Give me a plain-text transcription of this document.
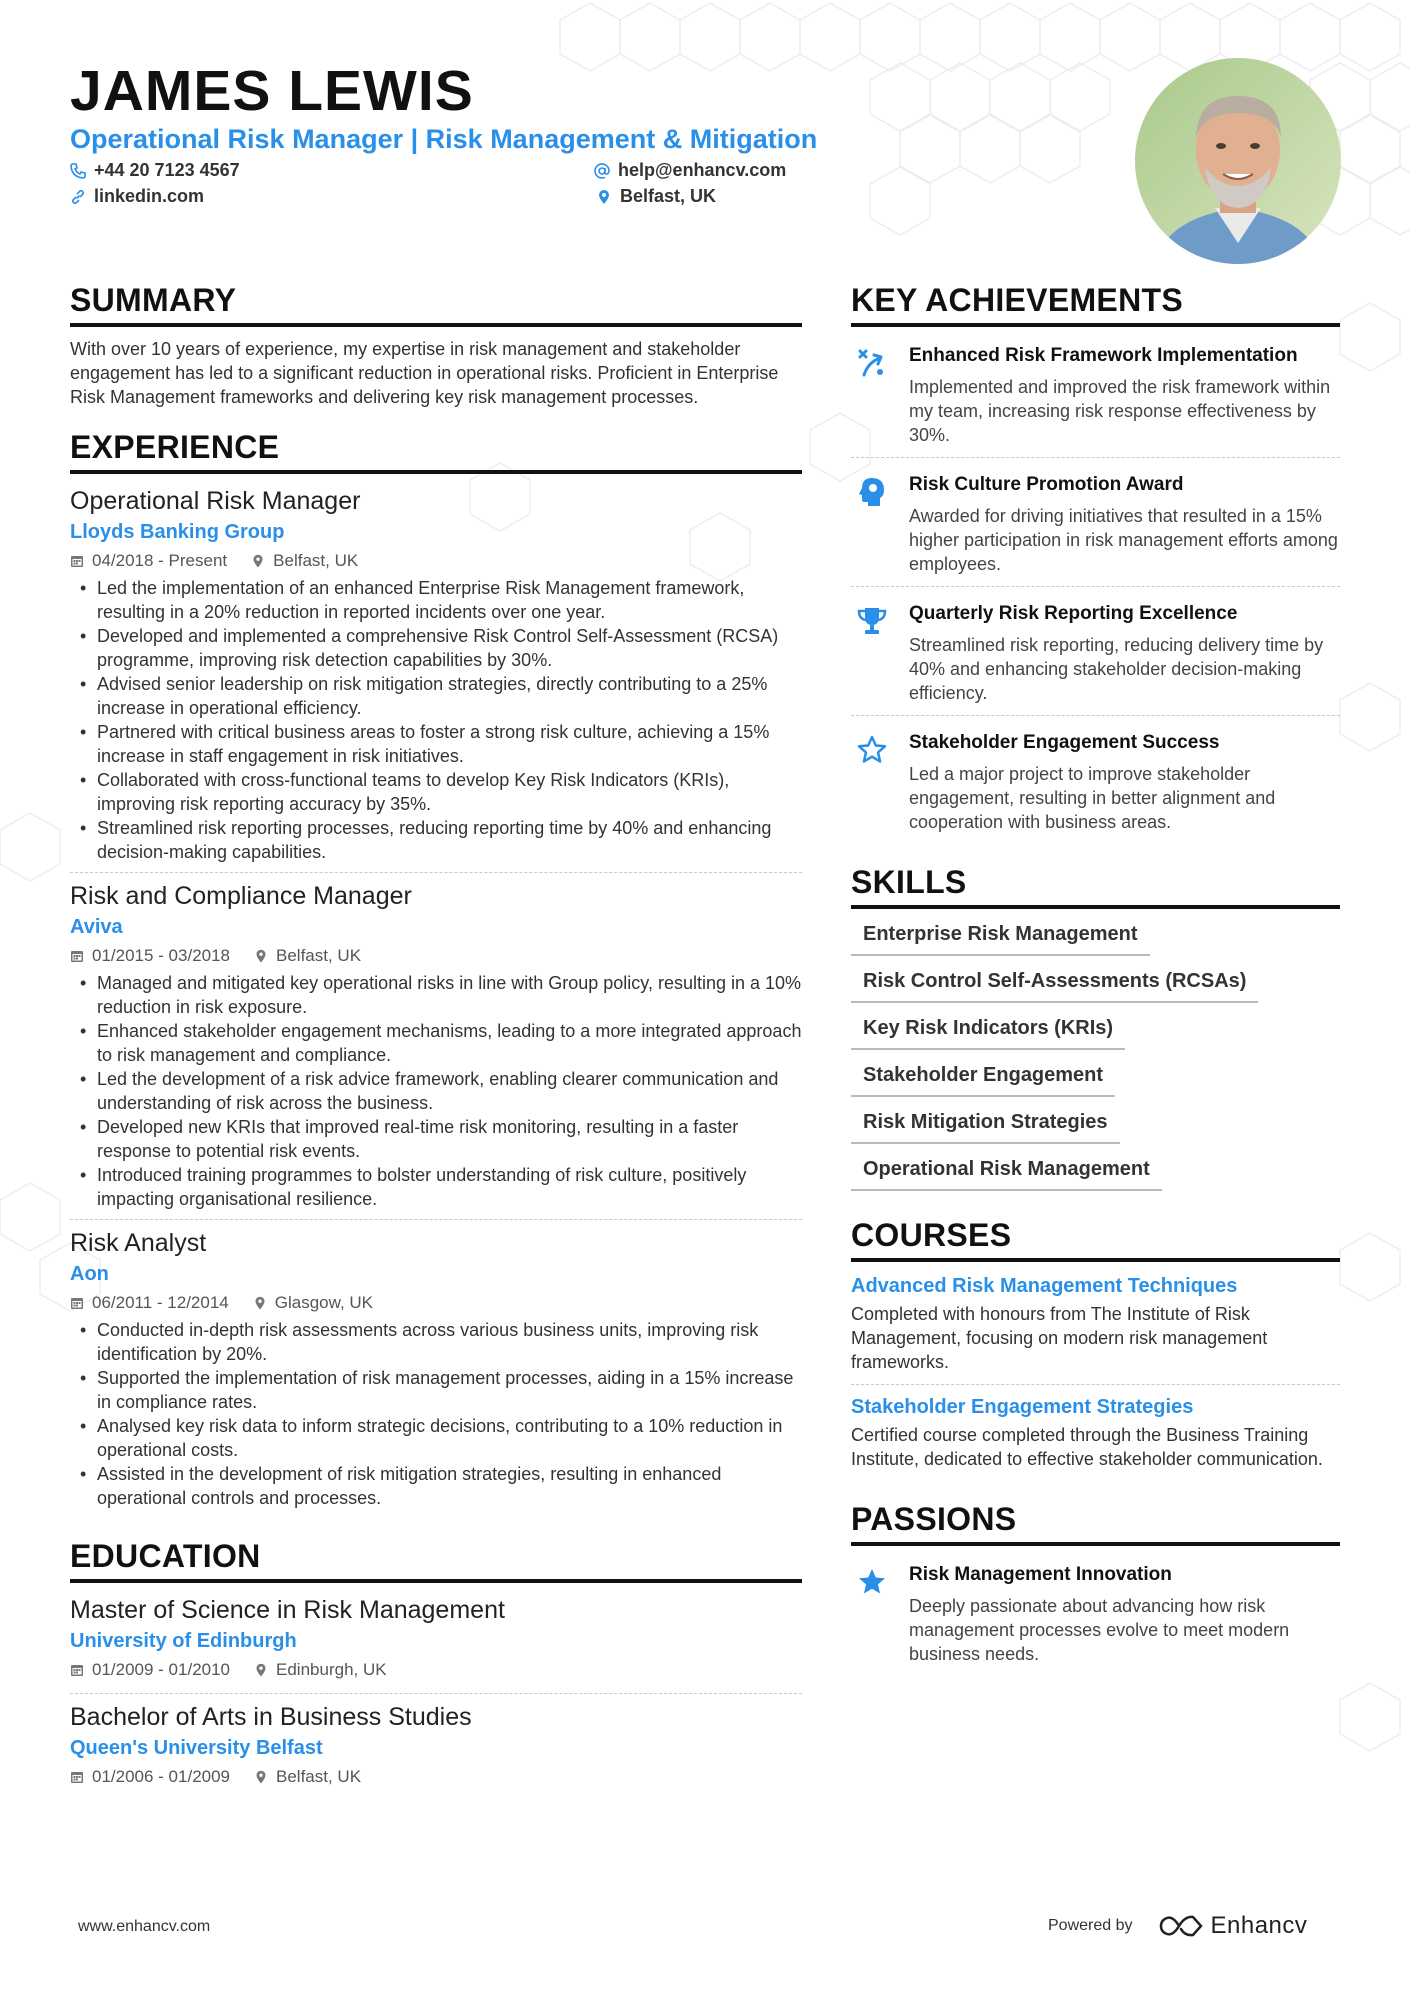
JAMES LEWIS
Operational Risk Manager | Risk Management & Mitigation
+44 20 7123 4567	help@enhancv.com
linkedin.com	Belfast, UK
SUMMARY
With over 10 years of experience, my expertise in risk management and stakeholder engagement has led to a significant reduction in operational risks. Proficient in Enterprise Risk Management frameworks and delivering key risk management processes.
EXPERIENCE
Operational Risk Manager
Lloyds Banking Group
04/2018 - Present	Belfast, UK
• Led the implementation of an enhanced Enterprise Risk Management framework, resulting in a 20% reduction in reported incidents over one year.
• Developed and implemented a comprehensive Risk Control Self-Assessment (RCSA) programme, improving risk detection capabilities by 30%.
• Advised senior leadership on risk mitigation strategies, directly contributing to a 25% increase in operational efficiency.
• Partnered with critical business areas to foster a strong risk culture, achieving a 15% increase in staff engagement in risk initiatives.
• Collaborated with cross-functional teams to develop Key Risk Indicators (KRIs), improving risk reporting accuracy by 35%.
• Streamlined risk reporting processes, reducing reporting time by 40% and enhancing decision-making capabilities.
Risk and Compliance Manager
Aviva
01/2015 - 03/2018	Belfast, UK
• Managed and mitigated key operational risks in line with Group policy, resulting in a 10% reduction in risk exposure.
• Enhanced stakeholder engagement mechanisms, leading to a more integrated approach to risk management and compliance.
• Led the development of a risk advice framework, enabling clearer communication and understanding of risk across the business.
• Developed new KRIs that improved real-time risk monitoring, resulting in a faster response to potential risk events.
• Introduced training programmes to bolster understanding of risk culture, positively impacting organisational resilience.
Risk Analyst
Aon
06/2011 - 12/2014	Glasgow, UK
• Conducted in-depth risk assessments across various business units, improving risk identification by 20%.
• Supported the implementation of risk management processes, aiding in a 15% increase in compliance rates.
• Analysed key risk data to inform strategic decisions, contributing to a 10% reduction in operational costs.
• Assisted in the development of risk mitigation strategies, resulting in enhanced operational controls and processes.
EDUCATION
Master of Science in Risk Management
University of Edinburgh
01/2009 - 01/2010	Edinburgh, UK
Bachelor of Arts in Business Studies
Queen's University Belfast
01/2006 - 01/2009	Belfast, UK
KEY ACHIEVEMENTS
Enhanced Risk Framework Implementation
Implemented and improved the risk framework within my team, increasing risk response effectiveness by 30%.
Risk Culture Promotion Award
Awarded for driving initiatives that resulted in a 15% higher participation in risk management efforts among employees.
Quarterly Risk Reporting Excellence
Streamlined risk reporting, reducing delivery time by 40% and enhancing stakeholder decision-making efficiency.
Stakeholder Engagement Success
Led a major project to improve stakeholder engagement, resulting in better alignment and cooperation with business areas.
SKILLS
Enterprise Risk Management
Risk Control Self-Assessments (RCSAs)
Key Risk Indicators (KRIs)
Stakeholder Engagement
Risk Mitigation Strategies
Operational Risk Management
COURSES
Advanced Risk Management Techniques
Completed with honours from The Institute of Risk Management, focusing on modern risk management frameworks.
Stakeholder Engagement Strategies
Certified course completed through the Business Training Institute, dedicated to effective stakeholder communication.
PASSIONS
Risk Management Innovation
Deeply passionate about advancing how risk management processes evolve to meet modern business needs.
www.enhancv.com	Powered by	Enhancv
